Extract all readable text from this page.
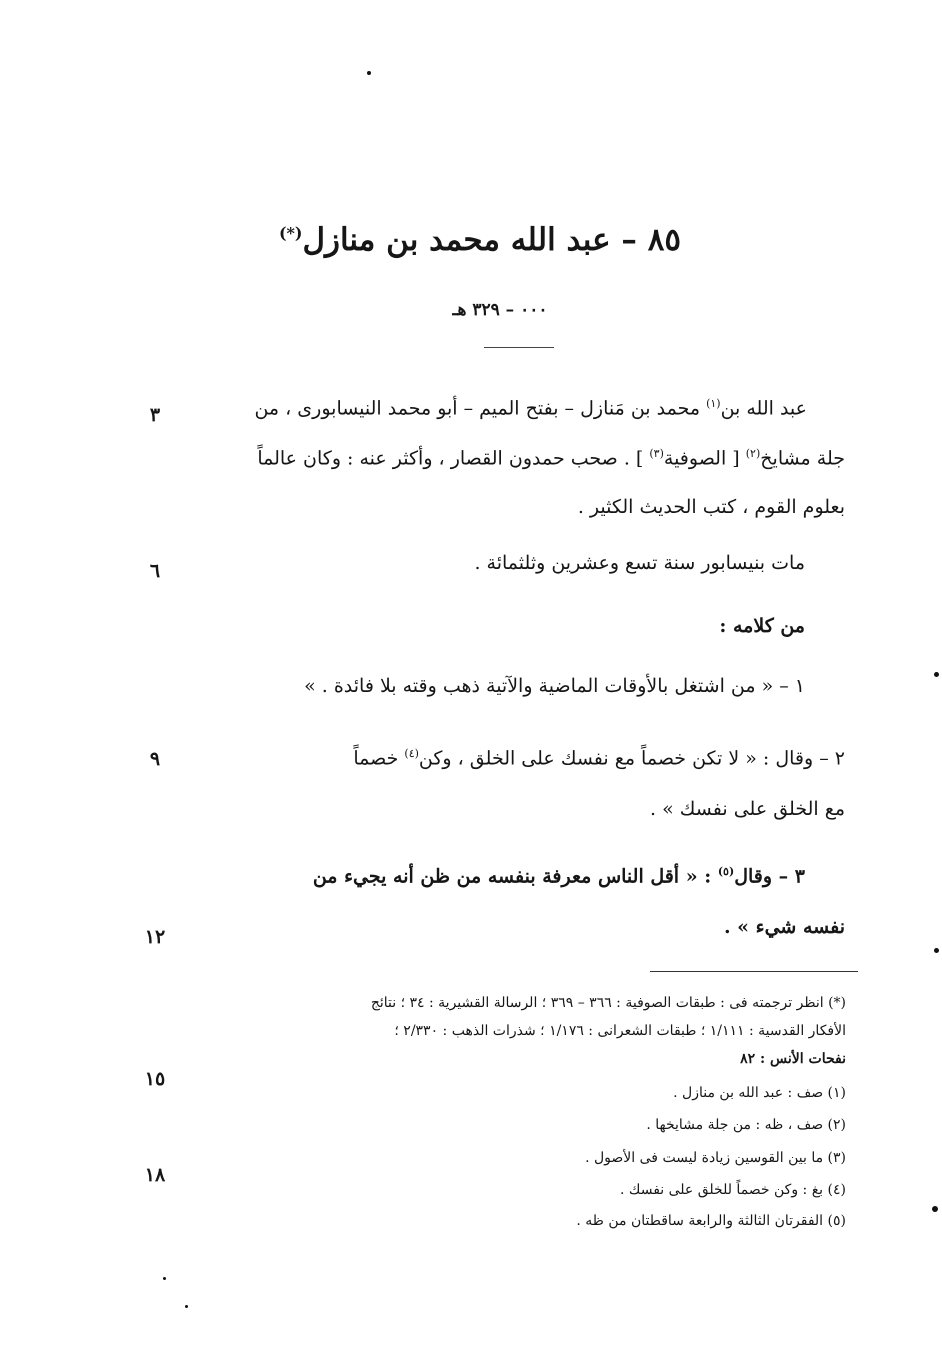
٨٥ – عبد الله محمد بن منازل(*)
٠٠٠ – ٣٢٩ هـ
عبد الله بن$^{(١)}$ محمد بن مَنازل – بفتح الميم – أبو محمد النيسابورى ، من
جلة مشايخ$^{(٢)}$ [ الصوفية$^{(٣)}$ ] . صحب حمدون القصار ، وأكثر عنه : وكان عالماً
بعلوم القوم ، كتب الحديث الكثير .
مات بنيسابور سنة تسع وعشرين وثلثمائة .
من كلامه :
١ – « من اشتغل بالأوقات الماضية والآتية ذهب وقته بلا فائدة . »
٢ – وقال : « لا تكن خصماً مع نفسك على الخلق ، وكن$^{(٤)}$ خصماً
مع الخلق على نفسك » .
٣ – وقال$^{(٥)}$ : « أقل الناس معرفة بنفسه من ظن أنه يجيء من
نفسه شيء » .
٣
٦
٩
١٢
١٥
١٨
(*) انظر ترجمته فى : طبقات الصوفية : ٣٦٦ – ٣٦٩ ؛ الرسالة القشيرية : ٣٤ ؛ نتائج
الأفكار القدسية : ١/١١١ ؛ طبقات الشعرانى : ١/١٧٦ ؛ شذرات الذهب : ٢/٣٣٠ ؛
نفحات الأنس : ٨٢
(١) صف : عبد الله بن منازل .
(٢) صف ، ظه : من جلة مشايخها .
(٣) ما بين القوسين زيادة ليست فى الأصول .
(٤) بغ : وكن خصماً للخلق على نفسك .
(٥) الفقرتان الثالثة والرابعة ساقطتان من ظه .
